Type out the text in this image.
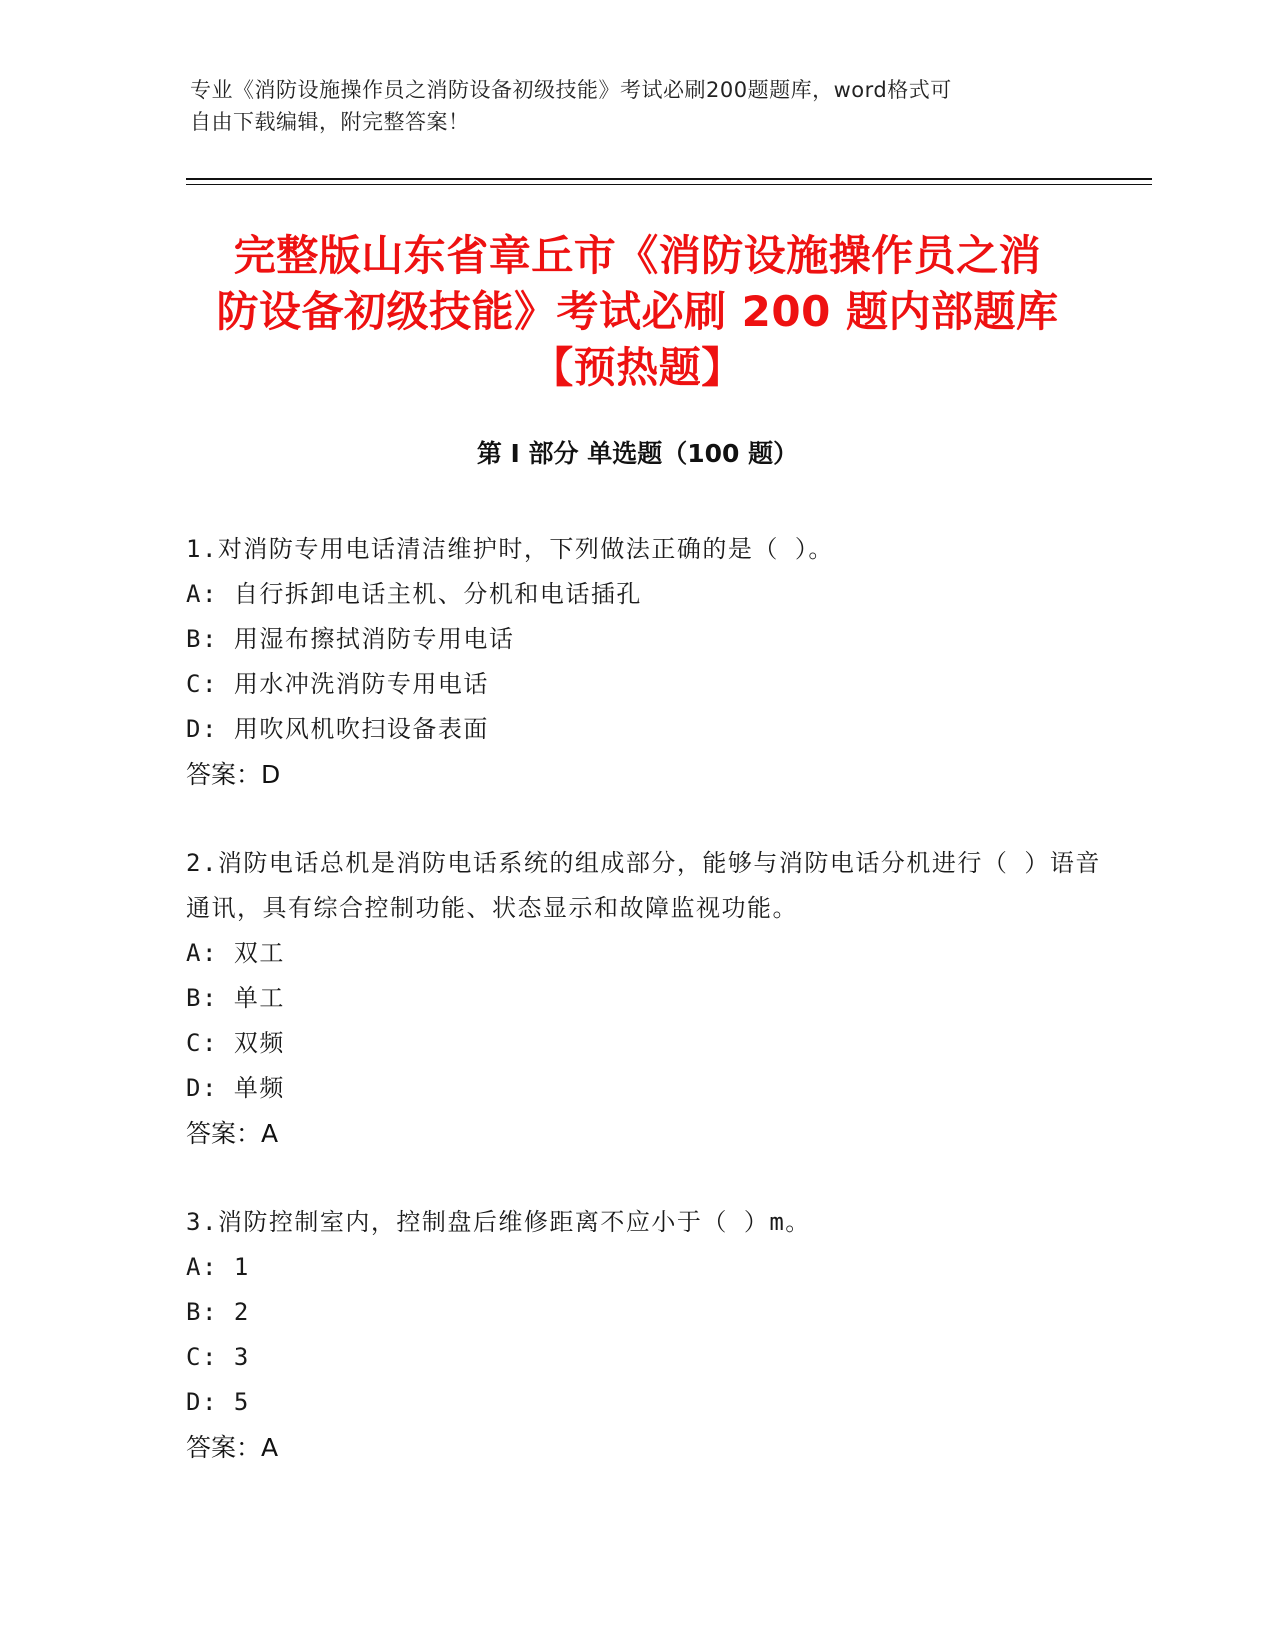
专业《消防设施操作员之消防设备初级技能》考试必刷200题题库，word格式可
自由下载编辑，附完整答案！
完整版山东省章丘市《消防设施操作员之消
防设备初级技能》考试必刷 200 题内部题库
【预热题】
第 I 部分 单选题（100 题）
1.对消防专用电话清洁维护时，下列做法正确的是（ ）。
A: 自行拆卸电话主机、分机和电话插孔
B: 用湿布擦拭消防专用电话
C: 用水冲洗消防专用电话
D: 用吹风机吹扫设备表面
答案：D
2.消防电话总机是消防电话系统的组成部分，能够与消防电话分机进行（ ）语音通讯，具有综合控制功能、状态显示和故障监视功能。
A: 双工
B: 单工
C: 双频
D: 单频
答案：A
3.消防控制室内，控制盘后维修距离不应小于（ ）m。
A: 1
B: 2
C: 3
D: 5
答案：A
